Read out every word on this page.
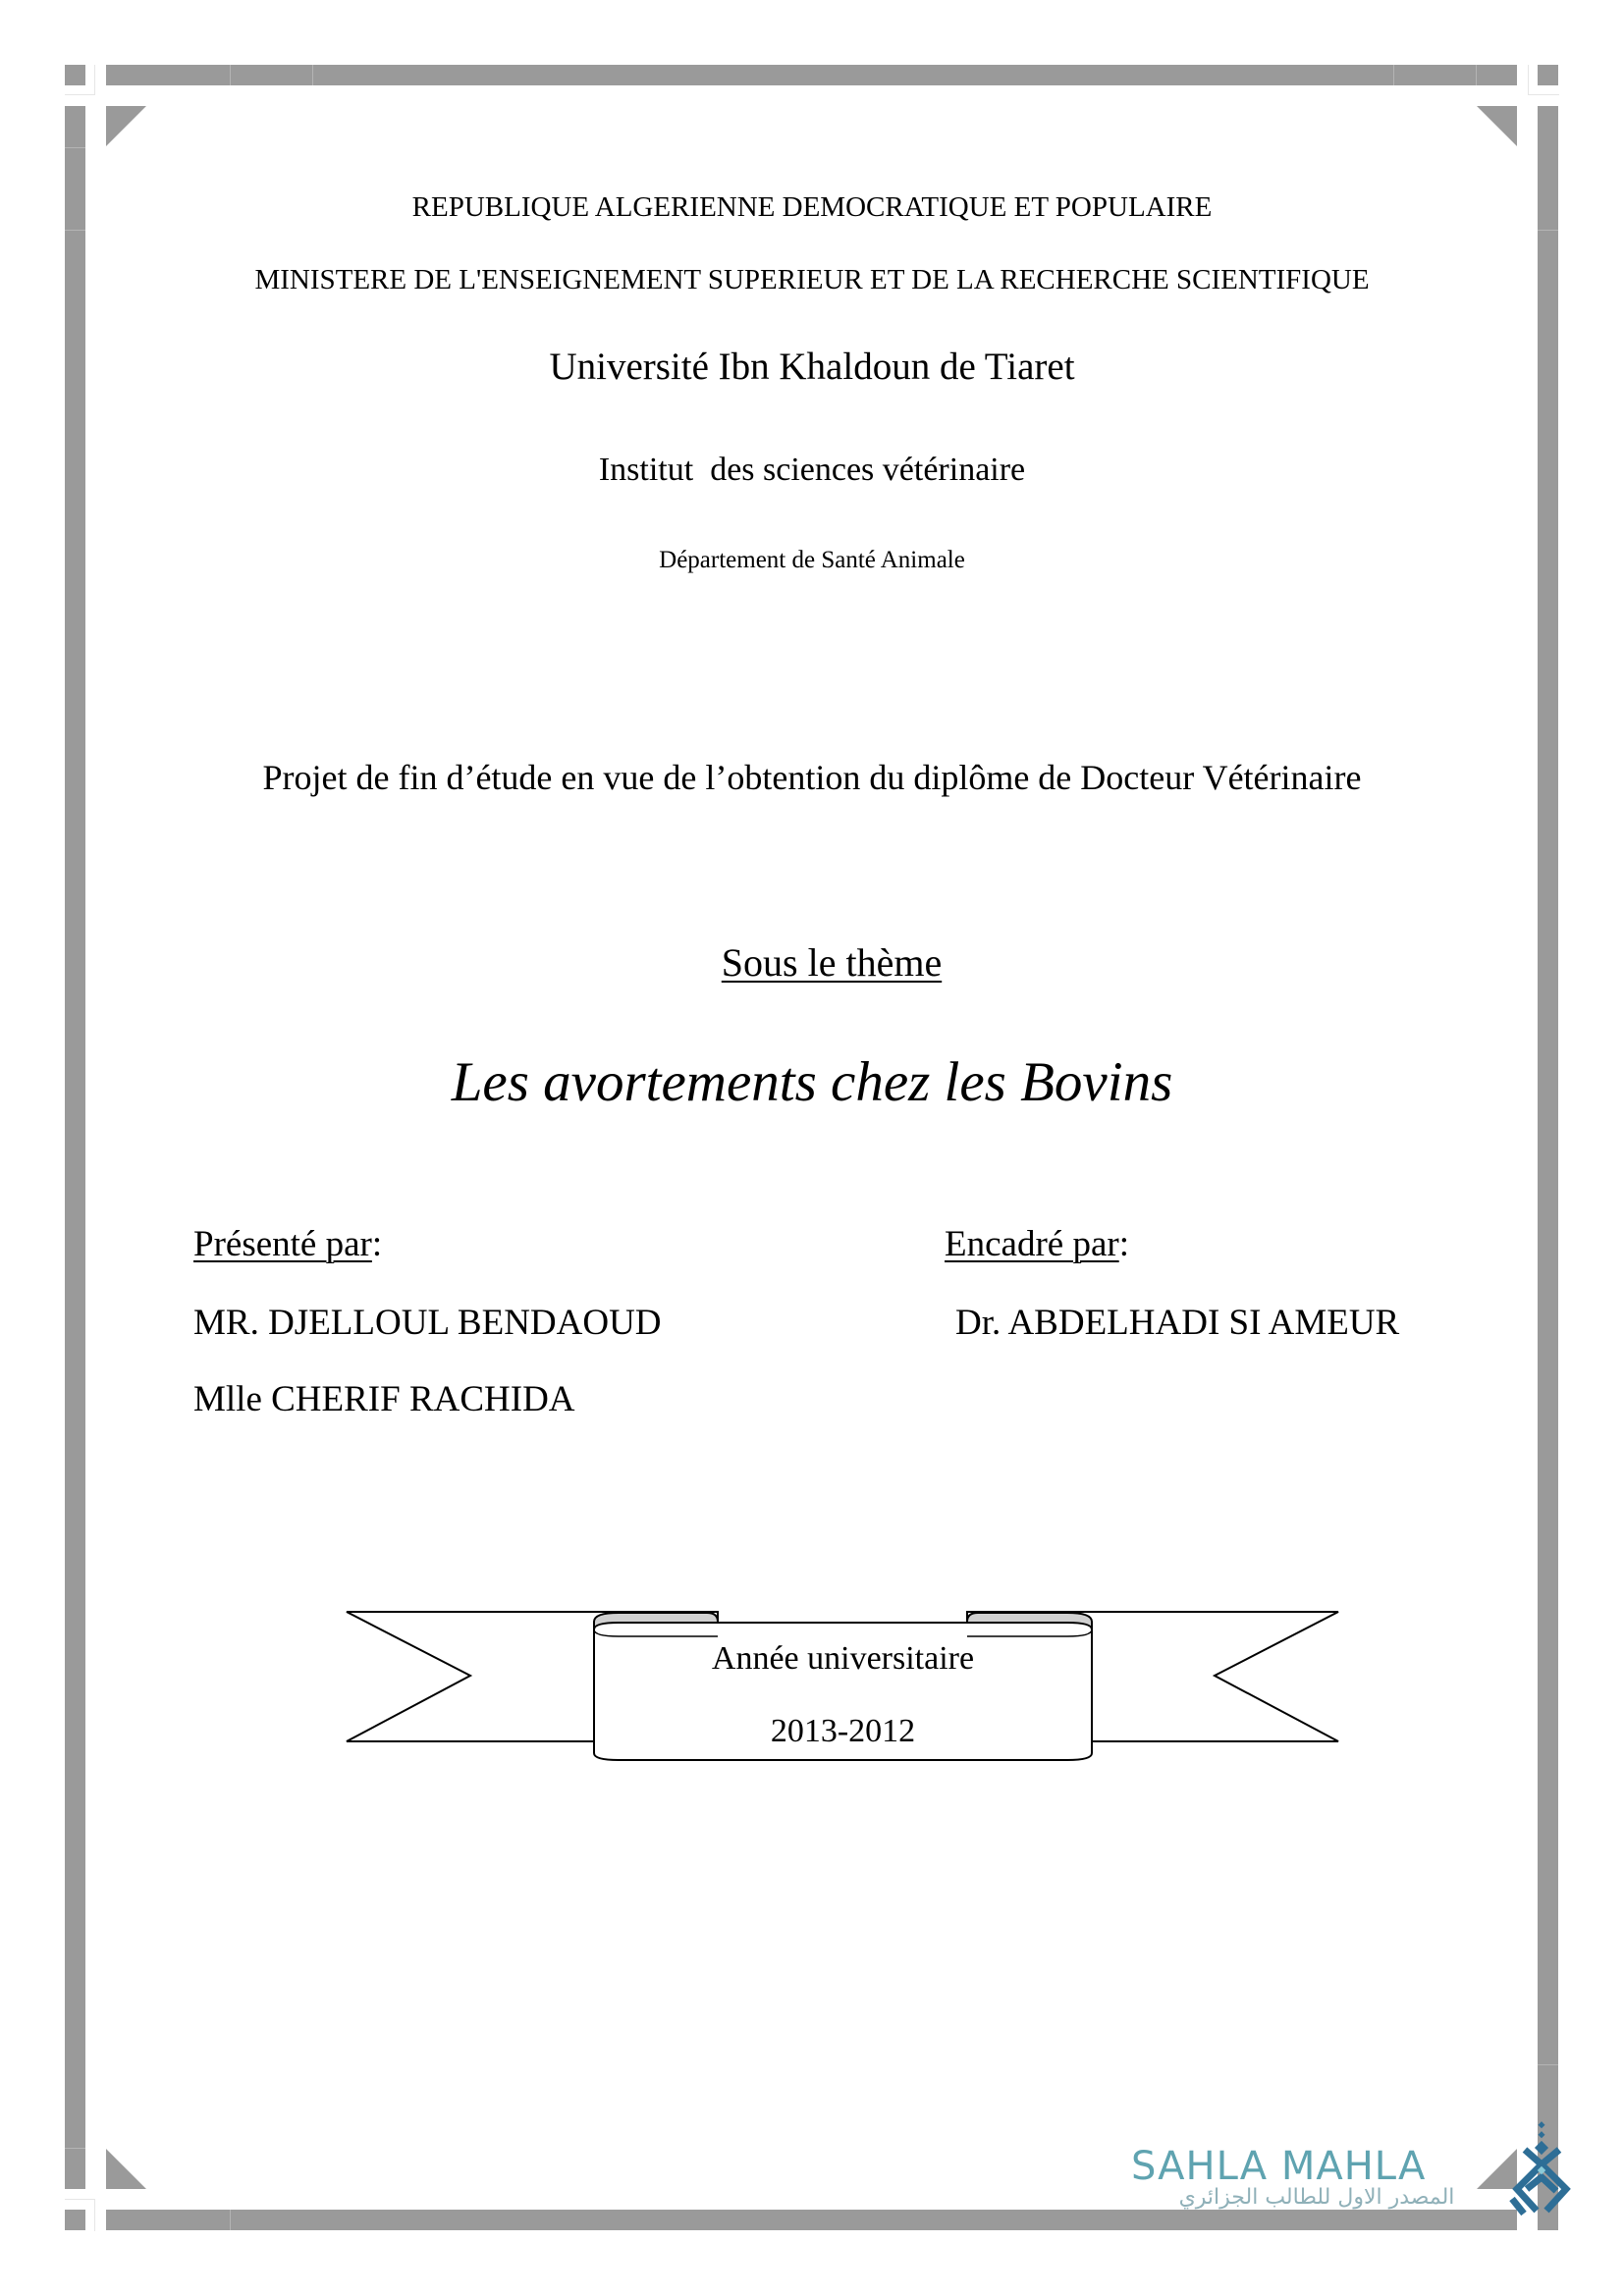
REPUBLIQUE ALGERIENNE DEMOCRATIQUE ET POPULAIRE
MINISTERE DE L'ENSEIGNEMENT SUPERIEUR ET DE LA RECHERCHE SCIENTIFIQUE
Université Ibn Khaldoun de Tiaret
Institut  des sciences vétérinaire
Département de Santé Animale
Projet de fin d’étude en vue de l’obtention du diplôme de Docteur Vétérinaire

Sous le thème

Les avortements chez les Bovins
Présenté par:
MR. DJELLOUL BENDAOUD
Mlle CHERIF RACHIDA
Encadré par:
Dr. ABDELHADI SI AMEUR
Année universitaire
2013-2012
SAHLA MAHLA
المصدر الاول للطالب الجزائري
